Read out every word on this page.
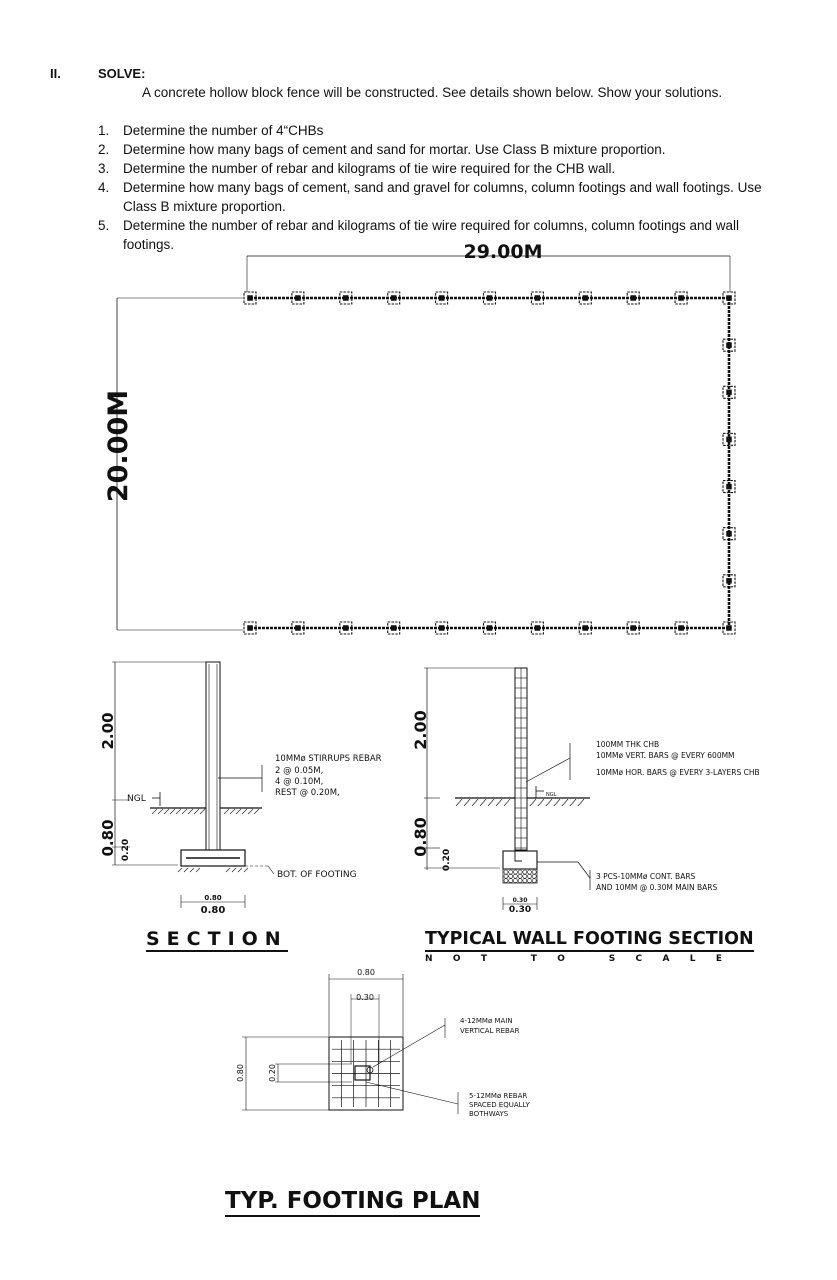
II.	SOLVE:
A concrete hollow block fence will be constructed. See details shown below. Show your solutions.
1. Determine the number of 4“CHBs
2. Determine how many bags of cement and sand for mortar. Use Class B mixture proportion.
3. Determine the number of rebar and kilograms of tie wire required for the CHB wall.
4. Determine how many bags of cement, sand and gravel for columns, column footings and wall footings. Use Class B mixture proportion.
5. Determine the number of rebar and kilograms of tie wire required for columns, column footings and wall footings.	29.00M
20.00M
2.00
0.80 0.20
NGL
10MMø STIRRUPS REBAR
2 @ 0.05M,
4 @ 0.10M,
REST @ 0.20M,
BOT. OF FOOTING
0.80
0.80
2.00
0.80
0.20
NGL
100MM THK CHB
10MMø VERT. BARS @ EVERY 600MM
10MMø HOR. BARS @ EVERY 3-LAYERS CHB
3 PCS-10MMø CONT. BARS
AND 10MM @ 0.30M MAIN BARS
0.30
0.30
0.80
0.30
0.80	0.20
4-12MMø MAIN
VERTICAL REBAR
5-12MMø REBAR
SPACED EQUALLY
BOTHWAYS
SECTION	TYPICAL WALL FOOTING SECTION
N O T   T O   S C A L E
TYP. FOOTING PLAN
